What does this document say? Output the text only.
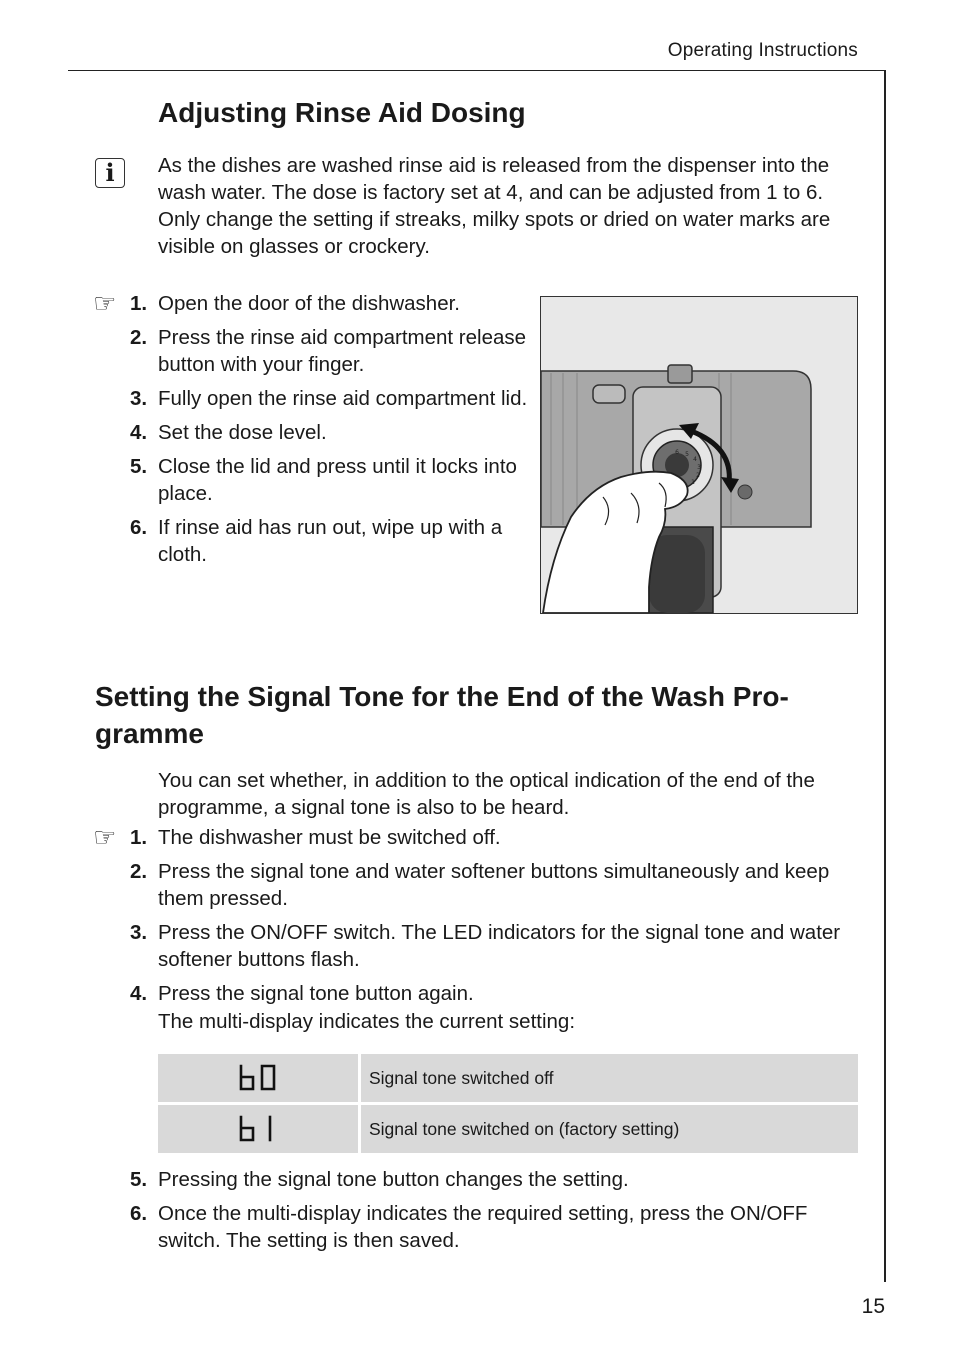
Operating Instructions
Adjusting Rinse Aid Dosing
i	As the dishes are washed rinse aid is released from the dispenser into the wash water. The dose is factory set at 4, and can be adjusted from 1 to 6. Only change the setting if streaks, milky spots or dried on water marks are visible on glasses or crockery.

☞ 1. Open the door of the dishwasher.
2. Press the rinse aid compartment release button with your finger.
3. Fully open the rinse aid compartment lid.
4. Set the dose level.
5. Close the lid and press until it locks into place.
6. If rinse aid has run out, wipe up with a cloth.
6 5
4
3
2
1
Setting the Signal Tone for the End of the Wash Pro-gramme

You can set whether, in addition to the optical indication of the end of the programme, a signal tone is also to be heard.

☞ 1. The dishwasher must be switched off.
2. Press the signal tone and water softener buttons simultaneously and keep them pressed.
3. Press the ON/OFF switch. The LED indicators for the signal tone and water softener buttons flash.
4. Press the signal tone button again.
The multi-display indicates the current setting:
	Signal tone switched off
	Signal tone switched on (factory setting)
5. Pressing the signal tone button changes the setting.
6. Once the multi-display indicates the required setting, press the ON/OFF switch. The setting is then saved.
15
